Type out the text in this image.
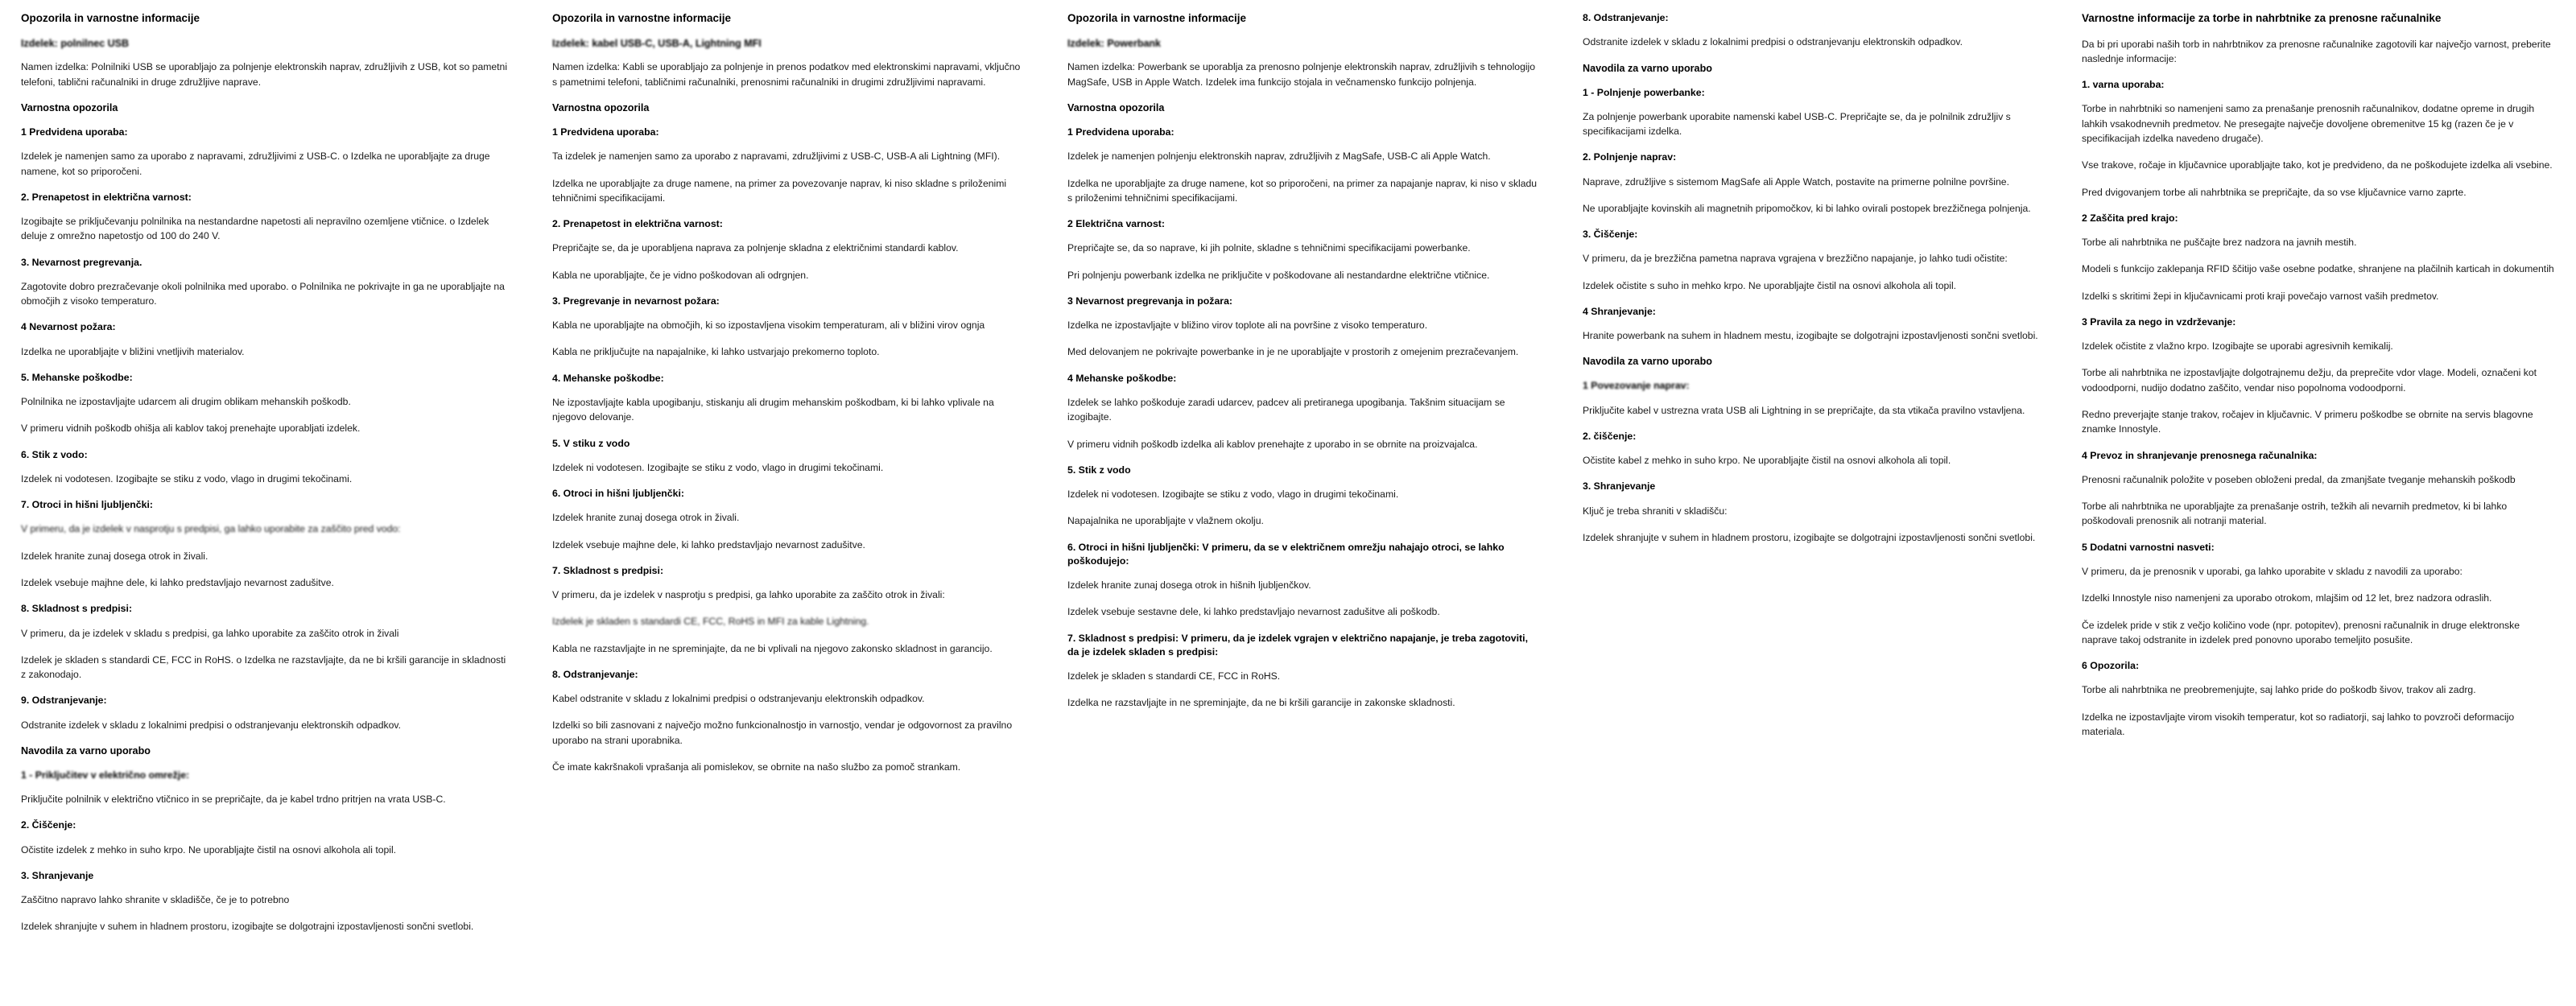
Opozorila in varnostne informacije
Izdelek: polnilnec USB

Namen izdelka: Polnilniki USB se uporabljajo za polnjenje elektronskih naprav, združljivih z USB, kot so pametni telefoni, tablični računalniki in druge združljive naprave.

Varnostna opozorila
1 Predvidena uporaba:

Izdelek je namenjen samo za uporabo z napravami, združljivimi z USB-C. o Izdelka ne uporabljajte za druge namene, kot so priporočeni.

2. Prenapetost in električna varnost:

Izogibajte se priključevanju polnilnika na nestandardne napetosti ali nepravilno ozemljene vtičnice. o Izdelek deluje z omrežno napetostjo od 100 do 240 V.

3. Nevarnost pregrevanja.

Zagotovite dobro prezračevanje okoli polnilnika med uporabo. o Polnilnika ne pokrivajte in ga ne uporabljajte na območjih z visoko temperaturo.

4 Nevarnost požara:

Izdelka ne uporabljajte v bližini vnetljivih materialov.

5. Mehanske poškodbe:

Polnilnika ne izpostavljajte udarcem ali drugim oblikam mehanskih poškodb.

V primeru vidnih poškodb ohišja ali kablov takoj prenehajte uporabljati izdelek.

6. Stik z vodo:

Izdelek ni vodotesen. Izogibajte se stiku z vodo, vlago in drugimi tekočinami.

7. Otroci in hišni ljubljenčki:

V primeru, da je izdelek v nasprotju s predpisi, ga lahko uporabite za zaščito pred vodo:

Izdelek hranite zunaj dosega otrok in živali.

Izdelek vsebuje majhne dele, ki lahko predstavljajo nevarnost zadušitve.

8. Skladnost s predpisi:

V primeru, da je izdelek v skladu s predpisi, ga lahko uporabite za zaščito otrok in živali

Izdelek je skladen s standardi CE, FCC in RoHS. o Izdelka ne razstavljajte, da ne bi kršili garancije in skladnosti z zakonodajo.

9. Odstranjevanje:

Odstranite izdelek v skladu z lokalnimi predpisi o odstranjevanju elektronskih odpadkov.

Navodila za varno uporabo
1 - Priključitev v električno omrežje:

Priključite polnilnik v električno vtičnico in se prepričajte, da je kabel trdno pritrjen na vrata USB-C.

2. Čiščenje:

Očistite izdelek z mehko in suho krpo. Ne uporabljajte čistil na osnovi alkohola ali topil.

3. Shranjevanje

Zaščitno napravo lahko shranite v skladišče, če je to potrebno

Izdelek shranjujte v suhem in hladnem prostoru, izogibajte se dolgotrajni izpostavljenosti sončni svetlobi.

Opozorila in varnostne informacije
Izdelek: kabel USB-C, USB-A, Lightning MFI

Namen izdelka: Kabli se uporabljajo za polnjenje in prenos podatkov med elektronskimi napravami, vključno s pametnimi telefoni, tabličnimi računalniki, prenosnimi računalniki in drugimi združljivimi napravami.

Varnostna opozorila
1 Predvidena uporaba:

Ta izdelek je namenjen samo za uporabo z napravami, združljivimi z USB-C, USB-A ali Lightning (MFI).

Izdelka ne uporabljajte za druge namene, na primer za povezovanje naprav, ki niso skladne s priloženimi tehničnimi specifikacijami.

2. Prenapetost in električna varnost:

Prepričajte se, da je uporabljena naprava za polnjenje skladna z električnimi standardi kablov.

Kabla ne uporabljajte, če je vidno poškodovan ali odrgnjen.

3. Pregrevanje in nevarnost požara:

Kabla ne uporabljajte na območjih, ki so izpostavljena visokim temperaturam, ali v bližini virov ognja

Kabla ne priključujte na napajalnike, ki lahko ustvarjajo prekomerno toploto.

4. Mehanske poškodbe:

Ne izpostavljajte kabla upogibanju, stiskanju ali drugim mehanskim poškodbam, ki bi lahko vplivale na njegovo delovanje.

5. V stiku z vodo

Izdelek ni vodotesen. Izogibajte se stiku z vodo, vlago in drugimi tekočinami.

6. Otroci in hišni ljubljenčki:

Izdelek hranite zunaj dosega otrok in živali.

Izdelek vsebuje majhne dele, ki lahko predstavljajo nevarnost zadušitve.

7. Skladnost s predpisi:

V primeru, da je izdelek v nasprotju s predpisi, ga lahko uporabite za zaščito otrok in živali:

Izdelek je skladen s standardi CE, FCC, RoHS in MFI za kable Lightning.

Kabla ne razstavljajte in ne spreminjajte, da ne bi vplivali na njegovo zakonsko skladnost in garancijo.

8. Odstranjevanje:

Kabel odstranite v skladu z lokalnimi predpisi o odstranjevanju elektronskih odpadkov.

Izdelki so bili zasnovani z največjo možno funkcionalnostjo in varnostjo, vendar je odgovornost za pravilno uporabo na strani uporabnika.

Če imate kakršnakoli vprašanja ali pomislekov, se obrnite na našo službo za pomoč strankam.

Opozorila in varnostne informacije
Izdelek: Powerbank

Namen izdelka: Powerbank se uporablja za prenosno polnjenje elektronskih naprav, združljivih s tehnologijo MagSafe, USB in Apple Watch. Izdelek ima funkcijo stojala in večnamensko funkcijo polnjenja.

Varnostna opozorila
1 Predvidena uporaba:

Izdelek je namenjen polnjenju elektronskih naprav, združljivih z MagSafe, USB-C ali Apple Watch.

Izdelka ne uporabljajte za druge namene, kot so priporočeni, na primer za napajanje naprav, ki niso v skladu s priloženimi tehničnimi specifikacijami.

2 Električna varnost:

Prepričajte se, da so naprave, ki jih polnite, skladne s tehničnimi specifikacijami powerbanke.

Pri polnjenju powerbank izdelka ne priključite v poškodovane ali nestandardne električne vtičnice.

3 Nevarnost pregrevanja in požara:

Izdelka ne izpostavljajte v bližino virov toplote ali na površine z visoko temperaturo.

Med delovanjem ne pokrivajte powerbanke in je ne uporabljajte v prostorih z omejenim prezračevanjem.

4 Mehanske poškodbe:

Izdelek se lahko poškoduje zaradi udarcev, padcev ali pretiranega upogibanja. Takšnim situacijam se izogibajte.

V primeru vidnih poškodb izdelka ali kablov prenehajte z uporabo in se obrnite na proizvajalca.

5. Stik z vodo

Izdelek ni vodotesen. Izogibajte se stiku z vodo, vlago in drugimi tekočinami.

Napajalnika ne uporabljajte v vlažnem okolju.

6. Otroci in hišni ljubljenčki: V primeru, da se v električnem omrežju nahajajo otroci, se lahko poškodujejo:

Izdelek hranite zunaj dosega otrok in hišnih ljubljenčkov.

Izdelek vsebuje sestavne dele, ki lahko predstavljajo nevarnost zadušitve ali poškodb.

7. Skladnost s predpisi: V primeru, da je izdelek vgrajen v električno napajanje, je treba zagotoviti, da je izdelek skladen s predpisi:

Izdelek je skladen s standardi CE, FCC in RoHS.

Izdelka ne razstavljajte in ne spreminjajte, da ne bi kršili garancije in zakonske skladnosti.

8. Odstranjevanje:

Odstranite izdelek v skladu z lokalnimi predpisi o odstranjevanju elektronskih odpadkov.

Navodila za varno uporabo
1 - Polnjenje powerbanke:

Za polnjenje powerbank uporabite namenski kabel USB-C. Prepričajte se, da je polnilnik združljiv s specifikacijami izdelka.

2. Polnjenje naprav:

Naprave, združljive s sistemom MagSafe ali Apple Watch, postavite na primerne polnilne površine.

Ne uporabljajte kovinskih ali magnetnih pripomočkov, ki bi lahko ovirali postopek brezžičnega polnjenja.

3. Čiščenje:

V primeru, da je brezžična pametna naprava vgrajena v brezžično napajanje, jo lahko tudi očistite:

Izdelek očistite s suho in mehko krpo. Ne uporabljajte čistil na osnovi alkohola ali topil.

4 Shranjevanje:

Hranite powerbank na suhem in hladnem mestu, izogibajte se dolgotrajni izpostavljenosti sončni svetlobi.

Navodila za varno uporabo
1 Povezovanje naprav:

Priključite kabel v ustrezna vrata USB ali Lightning in se prepričajte, da sta vtikača pravilno vstavljena.

2. čiščenje:

Očistite kabel z mehko in suho krpo. Ne uporabljajte čistil na osnovi alkohola ali topil.

3. Shranjevanje

Ključ je treba shraniti v skladišču:

Izdelek shranjujte v suhem in hladnem prostoru, izogibajte se dolgotrajni izpostavljenosti sončni svetlobi.

Varnostne informacije za torbe in nahrbtnike za prenosne računalnike

Da bi pri uporabi naših torb in nahrbtnikov za prenosne računalnike zagotovili kar največjo varnost, preberite naslednje informacije:

1. varna uporaba:

Torbe in nahrbtniki so namenjeni samo za prenašanje prenosnih računalnikov, dodatne opreme in drugih lahkih vsakodnevnih predmetov. Ne presegajte največje dovoljene obremenitve 15 kg (razen če je v specifikacijah izdelka navedeno drugače).

Vse trakove, ročaje in ključavnice uporabljajte tako, kot je predvideno, da ne poškodujete izdelka ali vsebine.

Pred dvigovanjem torbe ali nahrbtnika se prepričajte, da so vse ključavnice varno zaprte.

2 Zaščita pred krajo:

Torbe ali nahrbtnika ne puščajte brez nadzora na javnih mestih.

Modeli s funkcijo zaklepanja RFID ščitijo vaše osebne podatke, shranjene na plačilnih karticah in dokumentih

Izdelki s skritimi žepi in ključavnicami proti kraji povečajo varnost vaših predmetov.

3 Pravila za nego in vzdrževanje:

Izdelek očistite z vlažno krpo. Izogibajte se uporabi agresivnih kemikalij.

Torbe ali nahrbtnika ne izpostavljajte dolgotrajnemu dežju, da preprečite vdor vlage. Modeli, označeni kot vodoodporni, nudijo dodatno zaščito, vendar niso popolnoma vodoodporni.

Redno preverjajte stanje trakov, ročajev in ključavnic. V primeru poškodbe se obrnite na servis blagovne znamke Innostyle.

4 Prevoz in shranjevanje prenosnega računalnika:

Prenosni računalnik položite v poseben obloženi predal, da zmanjšate tveganje mehanskih poškodb

Torbe ali nahrbtnika ne uporabljajte za prenašanje ostrih, težkih ali nevarnih predmetov, ki bi lahko poškodovali prenosnik ali notranji material.

5 Dodatni varnostni nasveti:

V primeru, da je prenosnik v uporabi, ga lahko uporabite v skladu z navodili za uporabo:

Izdelki Innostyle niso namenjeni za uporabo otrokom, mlajšim od 12 let, brez nadzora odraslih.

Če izdelek pride v stik z večjo količino vode (npr. potopitev), prenosni računalnik in druge elektronske naprave takoj odstranite in izdelek pred ponovno uporabo temeljito posušite.

6 Opozorila:

Torbe ali nahrbtnika ne preobremenjujte, saj lahko pride do poškodb šivov, trakov ali zadrg.

Izdelka ne izpostavljajte virom visokih temperatur, kot so radiatorji, saj lahko to povzroči deformacijo materiala.
